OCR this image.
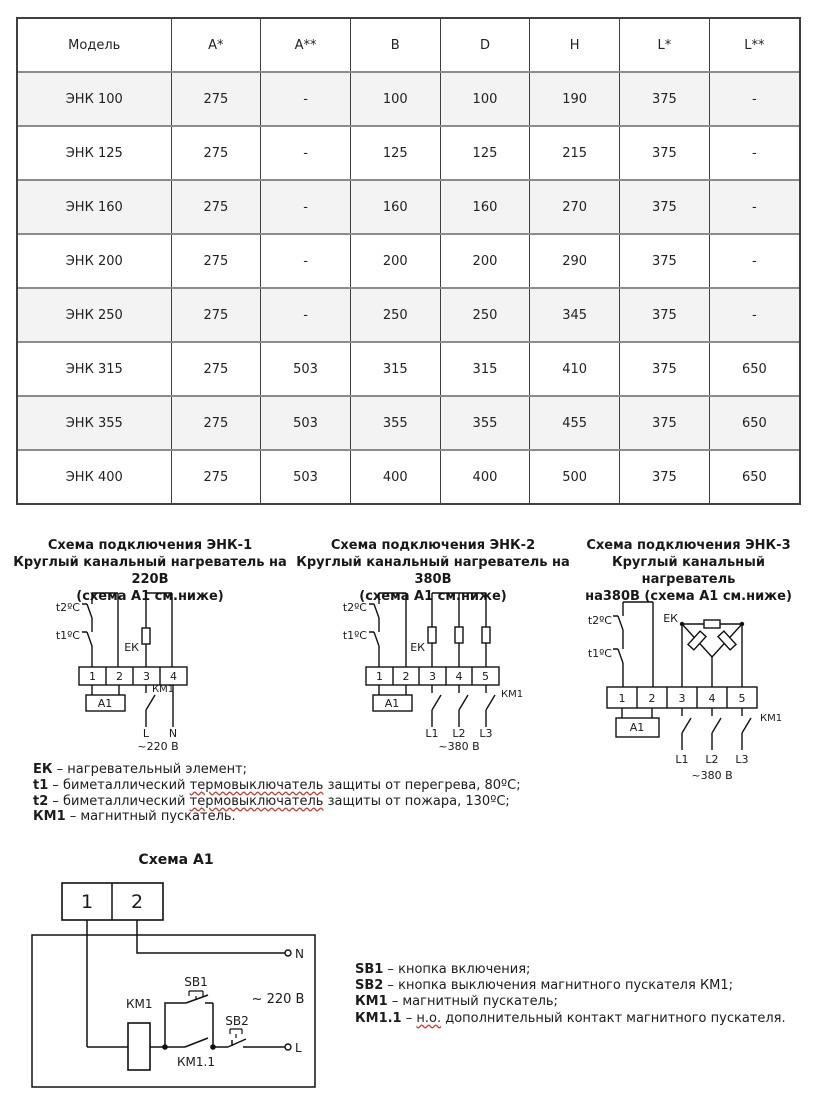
Модель	A*	A**	B	D	H	L*	L**
ЭНК 100	275	-	100	100	190	375	-
ЭНК 125	275	-	125	125	215	375	-
ЭНК 160	275	-	160	160	270	375	-
ЭНК 200	275	-	200	200	290	375	-
ЭНК 250	275	-	250	250	345	375	-
ЭНК 315	275	503	315	315	410	375	650
ЭНК 355	275	503	355	355	455	375	650
ЭНК 400	275	503	400	400	500	375	650
Схема подключения ЭНК-1
Круглый канальный нагреватель на 220В
(схема А1 см.ниже)
Схема подключения ЭНК-2
Круглый канальный нагреватель на 380В
(схема А1 см.ниже)
Схема подключения ЭНК-3
Круглый канальный нагреватель
на380В (схема А1 см.ниже)
t2ºC
t1ºC
ЕК
1 2 3 4
А1
КМ1
L N
~220 В
t2ºC
t1ºC
ЕК
1 2 3 4 5
А1
КМ1
L1 L2 L3
~380 В
t2ºC
t1ºC
ЕК
1 2 3 4 5
А1
КМ1
L1 L2 L3
~380 В
ЕК – нагревательный элемент;
t1 – биметаллический термовыключатель защиты от перегрева, 80ºС;
t2 – биметаллический термовыключатель защиты от пожара, 130ºС;
КМ1 – магнитный пускатель.
Схема А1
1 2
N
L
КМ1
SB1
SB2
КМ1.1
~ 220 В
SB1 – кнопка включения;
SB2 – кнопка выключения магнитного пускателя КМ1;
КМ1 – магнитный пускатель;
КМ1.1 – н.о. дополнительный контакт магнитного пускателя.
